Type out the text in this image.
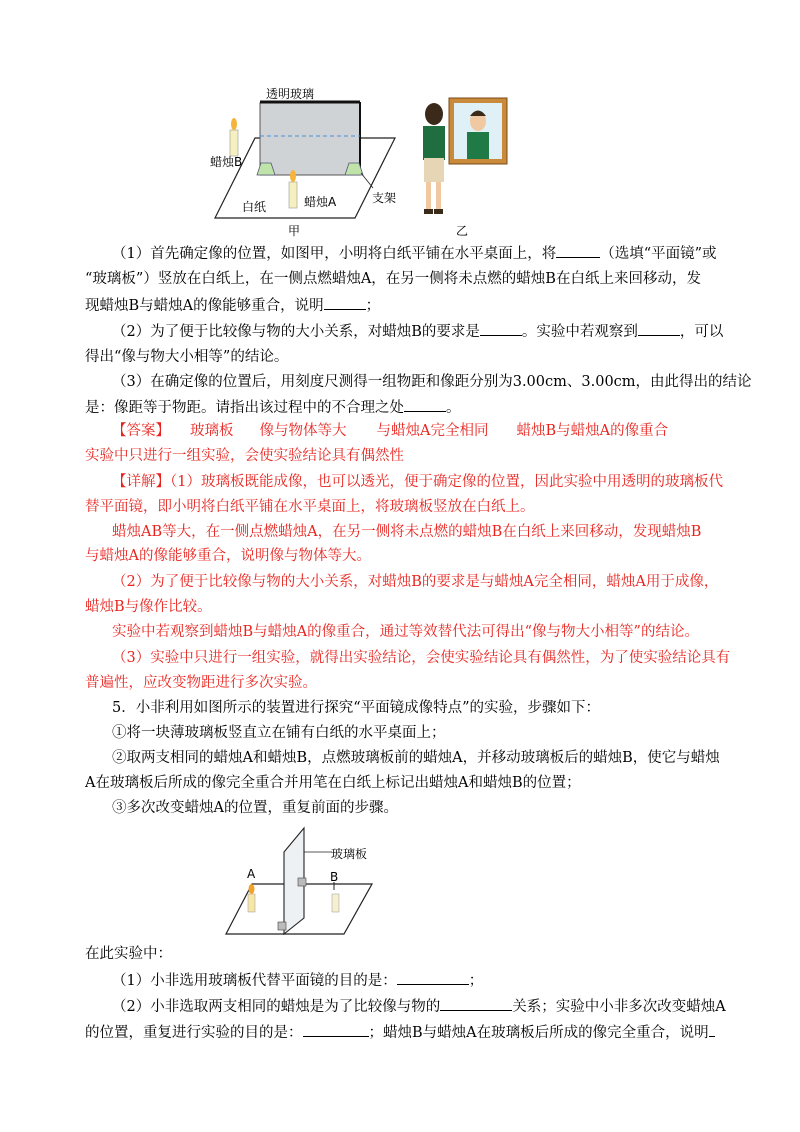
透明玻璃
蜡烛B
蜡烛A
白纸
支架
甲	乙
（1）首先确定像的位置，如图甲，小明将白纸平铺在水平桌面上，将	（选填“平面镜”或
“玻璃板”）竖放在白纸上，在一侧点燃蜡烛A，在另一侧将未点燃的蜡烛B在白纸上来回移动，发
现蜡烛B与蜡烛A的像能够重合，说明	；
（2）为了便于比较像与物的大小关系，对蜡烛B的要求是	。实验中若观察到	，可以
得出“像与物大小相等”的结论。
（3）在确定像的位置后，用刻度尺测得一组物距和像距分别为3.00cm、3.00cm，由此得出的结论
是：像距等于物距。请指出该过程中的不合理之处	。
【答案】 玻璃板 像与物体等大 与蜡烛A完全相同 蜡烛B与蜡烛A的像重合
实验中只进行一组实验，会使实验结论具有偶然性
【详解】（1）玻璃板既能成像，也可以透光，便于确定像的位置，因此实验中用透明的玻璃板代
替平面镜，即小明将白纸平铺在水平桌面上，将玻璃板竖放在白纸上。
蜡烛AB等大，在一侧点燃蜡烛A，在另一侧将未点燃的蜡烛B在白纸上来回移动，发现蜡烛B
与蜡烛A的像能够重合，说明像与物体等大。
（2）为了便于比较像与物的大小关系，对蜡烛B的要求是与蜡烛A完全相同，蜡烛A用于成像，
蜡烛B与像作比较。
实验中若观察到蜡烛B与蜡烛A的像重合，通过等效替代法可得出“像与物大小相等”的结论。
（3）实验中只进行一组实验，就得出实验结论，会使实验结论具有偶然性，为了使实验结论具有
普遍性，应改变物距进行多次实验。
5．小非利用如图所示的装置进行探究“平面镜成像特点”的实验，步骤如下：
①将一块薄玻璃板竖直立在铺有白纸的水平桌面上；
②取两支相同的蜡烛A和蜡烛B，点燃玻璃板前的蜡烛A，并移动玻璃板后的蜡烛B，使它与蜡烛
A在玻璃板后所成的像完全重合并用笔在白纸上标记出蜡烛A和蜡烛B的位置；
③多次改变蜡烛A的位置，重复前面的步骤。
玻璃板
A	B
在此实验中：
（1）小非选用玻璃板代替平面镜的目的是：	；
（2）小非选取两支相同的蜡烛是为了比较像与物的	关系；实验中小非多次改变蜡烛A
的位置，重复进行实验的目的是：	；蜡烛B与蜡烛A在玻璃板后所成的像完全重合，说明
